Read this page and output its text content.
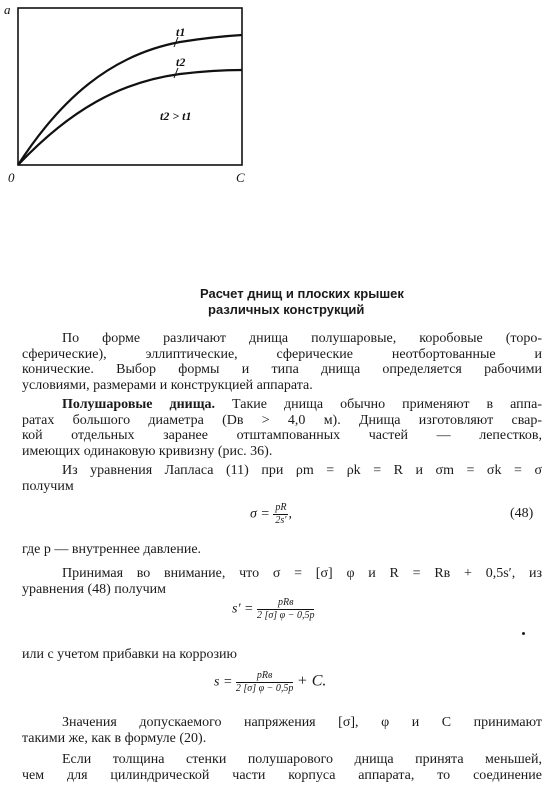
a
C
0
t1
t2
t2 > t1
Расчет днищ и плоских крышек
различных конструкций
По форме различают днища полушаровые, коробовые (торо-
сферические), эллиптические, сферические неотбортованные и
конические. Выбор формы и типа днища определяется рабочими
условиями, размерами и конструкцией аппарата.
Полушаровые днища. Такие днища обычно применяют в аппа-
ратах большого диаметра (Dв > 4,0 м). Днища изготовляют свар-
кой отдельных заранее отштампованных частей — лепестков,
имеющих одинаковую кривизну (рис. 36).
Из уравнения Лапласа (11) при ρm = ρk = R и σm = σk = σ
получим
$\sigma = \frac{pR}{2s'}$ ,	(48)
где p — внутреннее давление.
Принимая во внимание, что σ = [σ] φ и R = Rв + 0,5s′, из
уравнения (48) получим
$s' = \frac{\text{pRв}}{2 [\sigma] \varphi - 0,5p}$
или с учетом прибавки на коррозию
$s = \frac{\text{pRв}}{2 [\sigma] \varphi - 0,5p} + C$.
Значения допускаемого напряжения [σ], φ и C принимают
такими же, как в формуле (20).
Если толщина стенки полушарового днища принята меньшей,
чем для цилиндрической части корпуса аппарата, то соединение
